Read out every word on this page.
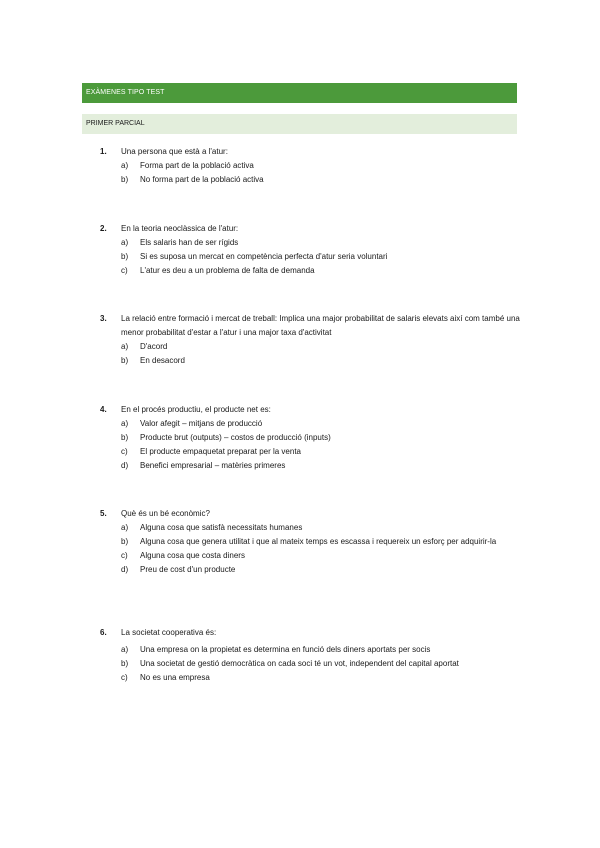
EXÀMENES TIPO TEST
PRIMER PARCIAL
1.	Una persona que està a l'atur:
a)	Forma part de la població activa
b)	No forma part de la població activa
2.	En la teoria neoclàssica de l'atur:
a)	Els salaris han de ser rígids
b)	Si es suposa un mercat en competència perfecta d'atur seria voluntari
c)	L'atur es deu a un problema de falta de demanda
3.	La relació entre formació i mercat de treball: Implica una major probabilitat de salaris elevats així com també una menor probabilitat d'estar a l'atur i una major taxa d'activitat
a)	D'acord
b)	En desacord
4.	En el procés productiu, el producte net es:
a)	Valor afegit – mitjans de producció
b)	Producte brut (outputs) – costos de producció (inputs)
c)	El producte empaquetat preparat per la venta
d)	Benefici empresarial – matèries primeres
5.	Què és un bé econòmic?
a)	Alguna cosa que satisfà necessitats humanes
b)	Alguna cosa que genera utilitat i que al mateix temps es escassa i requereix un esforç per adquirir-la
c)	Alguna cosa que costa diners
d)	Preu de cost d'un producte
6.	La societat cooperativa és:
a)	Una empresa on la propietat es determina en funció dels diners aportats per socis
b)	Una societat de gestió democràtica on cada soci té un vot, independent del capital aportat
c)	No es una empresa
